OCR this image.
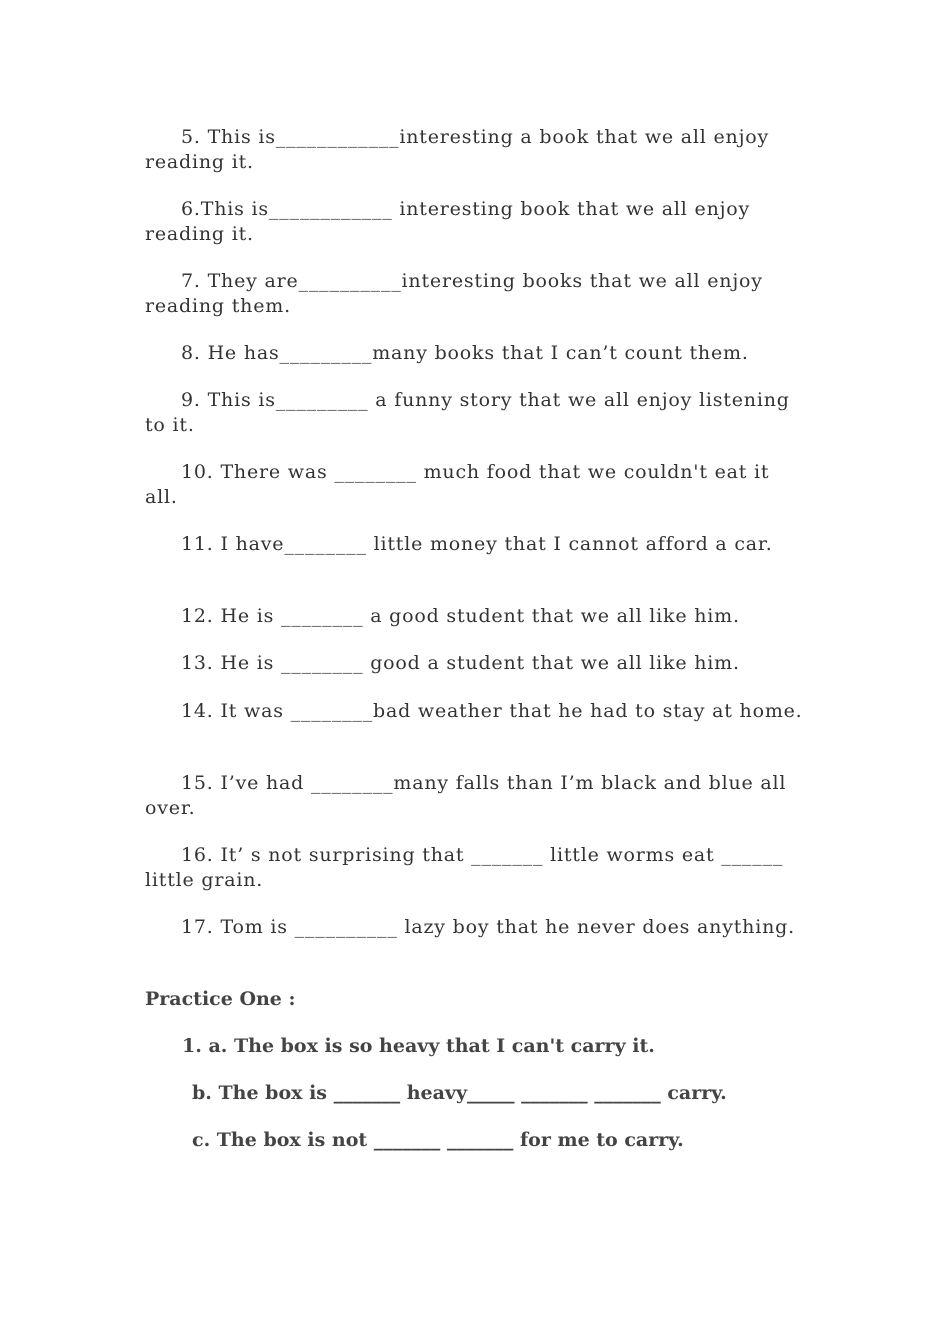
5. This is____________interesting a book that we all enjoy reading it.
6.This is____________ interesting book that we all enjoy reading it.
7. They are__________interesting books that we all enjoy reading them.
8. He has_________many books that I can’t count them.
9. This is_________ a funny story that we all enjoy listening to it.
10. There was ________ much food that we couldn't eat it all.
11. I have________ little money that I cannot afford a car.
12. He is ________ a good student that we all like him.
13. He is ________ good a student that we all like him.
14. It was ________bad weather that he had to stay at home.
15. I’ve had ________many falls than I’m black and blue all over.
16. It’ s not surprising that _______ little worms eat ______ little grain.
17. Tom is __________ lazy boy that he never does anything.
Practice One :
1. a. The box is so heavy that I can't carry it.
b. The box is _______ heavy_____ _______ _______ carry.
c. The box is not _______ _______ for me to carry.
